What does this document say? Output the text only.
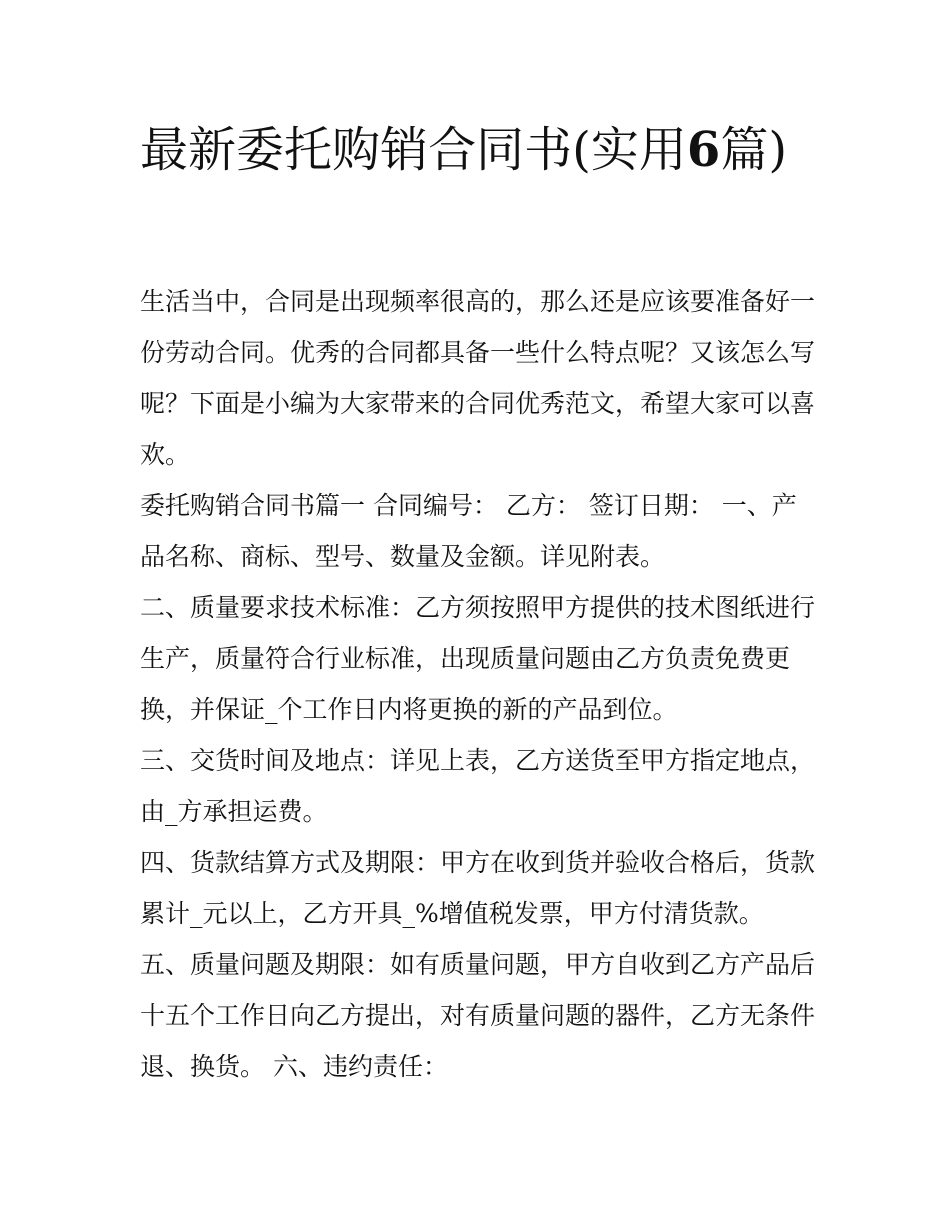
最新委托购销合同书(实用6篇)

生活当中，合同是出现频率很高的，那么还是应该要准备好一份劳动合同。优秀的合同都具备一些什么特点呢？又该怎么写呢？下面是小编为大家带来的合同优秀范文，希望大家可以喜欢。

委托购销合同书篇一 合同编号： 乙方： 签订日期： 一、产品名称、商标、型号、数量及金额。详见附表。

二、质量要求技术标准：乙方须按照甲方提供的技术图纸进行生产，质量符合行业标准，出现质量问题由乙方负责免费更换，并保证_个工作日内将更换的新的产品到位。

三、交货时间及地点：详见上表，乙方送货至甲方指定地点，由_方承担运费。

四、货款结算方式及期限：甲方在收到货并验收合格后，货款累计_元以上，乙方开具_%增值税发票，甲方付清货款。

五、质量问题及期限：如有质量问题，甲方自收到乙方产品后十五个工作日向乙方提出，对有质量问题的器件，乙方无条件退、换货。 六、违约责任：
